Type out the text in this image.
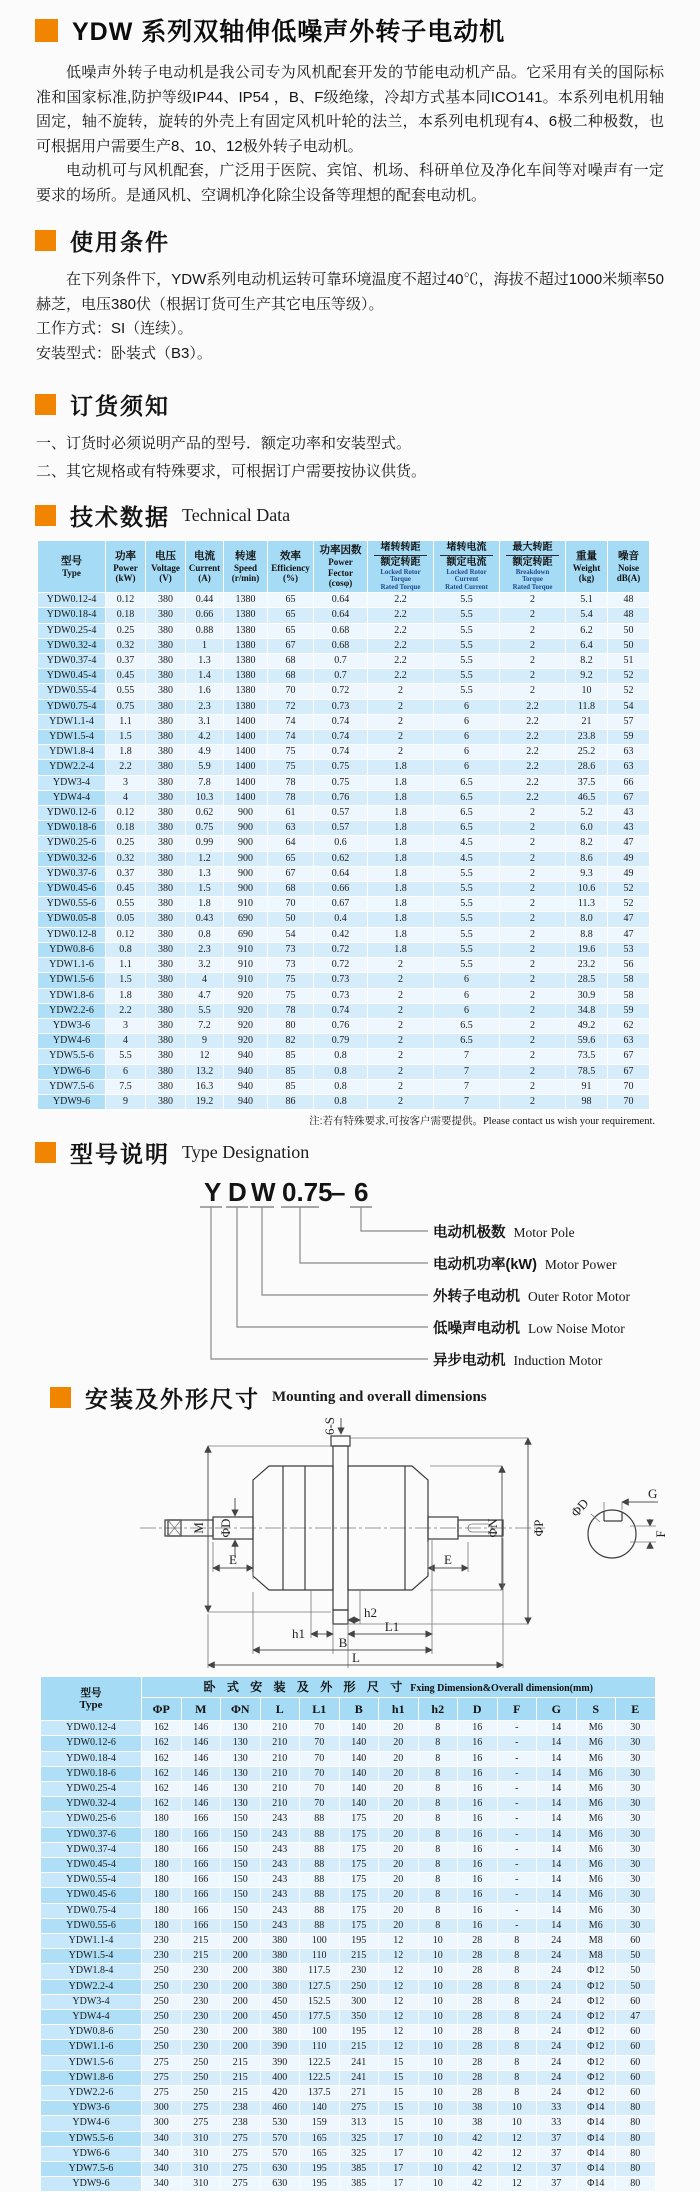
YDW 系列双轴伸低噪声外转子电动机

低噪声外转子电动机是我公司专为风机配套开发的节能电动机产品。它采用有关的国际标准和国家标准,防护等级IP44、IP54 ，B、F级绝缘，冷却方式基本同ICO141。本系列电机用轴固定，轴不旋转，旋转的外壳上有固定风机叶轮的法兰，本系列电机现有4、6极二种极数，也可根据用户需要生产8、10、12极外转子电动机。

电动机可与风机配套，广泛用于医院、宾馆、机场、科研单位及净化车间等对噪声有一定要求的场所。是通风机、空调机净化除尘设备等理想的配套电动机。

使用条件

在下列条件下，YDW系列电动机运转可靠环境温度不超过40℃，海拔不超过1000米频率50赫芝，电压380伏（根据订货可生产其它电压等级）。

工作方式：SI（连续）。
安装型式：卧装式（B3）。
订货须知
一、订货时必须说明产品的型号．额定功率和安装型式。
二、其它规格或有特殊要求，可根据订户需要按协议供货。
技术数据 Technical Data
型号
Type

功率
Power
(kW)

电压
Voltage
(V)

电流
Current
(A)

转速
Speed
(r/min)

效率
Efficiency
(%)

功率因数
Power Fector
(cosφ)

堵转转距
额定转距
Locked Rotor
Torque
Rated Torque

堵转电流
额定电流
Locked Rotor
Current
Rated Current

最大转距
额定转距
Breakdown
Torque
Rated Torque

重量
Weight
(kg)

噪音
Noise
dB(A)

YDW0.12-4	0.12	380	0.44	1380	65	0.64	2.2	5.5	2	5.1	48
YDW0.18-4	0.18	380	0.66	1380	65	0.64	2.2	5.5	2	5.4	48
YDW0.25-4	0.25	380	0.88	1380	65	0.68	2.2	5.5	2	6.2	50
YDW0.32-4	0.32	380	1	1380	67	0.68	2.2	5.5	2	6.4	50
YDW0.37-4	0.37	380	1.3	1380	68	0.7	2.2	5.5	2	8.2	51
YDW0.45-4	0.45	380	1.4	1380	68	0.7	2.2	5.5	2	9.2	52
YDW0.55-4	0.55	380	1.6	1380	70	0.72	2	5.5	2	10	52
YDW0.75-4	0.75	380	2.3	1380	72	0.73	2	6	2.2	11.8	54
YDW1.1-4	1.1	380	3.1	1400	74	0.74	2	6	2.2	21	57
YDW1.5-4	1.5	380	4.2	1400	74	0.74	2	6	2.2	23.8	59
YDW1.8-4	1.8	380	4.9	1400	75	0.74	2	6	2.2	25.2	63
YDW2.2-4	2.2	380	5.9	1400	75	0.75	1.8	6	2.2	28.6	63
YDW3-4	3	380	7.8	1400	78	0.75	1.8	6.5	2.2	37.5	66
YDW4-4	4	380	10.3	1400	78	0.76	1.8	6.5	2.2	46.5	67
YDW0.12-6	0.12	380	0.62	900	61	0.57	1.8	6.5	2	5.2	43
YDW0.18-6	0.18	380	0.75	900	63	0.57	1.8	6.5	2	6.0	43
YDW0.25-6	0.25	380	0.99	900	64	0.6	1.8	4.5	2	8.2	47
YDW0.32-6	0.32	380	1.2	900	65	0.62	1.8	4.5	2	8.6	49
YDW0.37-6	0.37	380	1.3	900	67	0.64	1.8	5.5	2	9.3	49
YDW0.45-6	0.45	380	1.5	900	68	0.66	1.8	5.5	2	10.6	52
YDW0.55-6	0.55	380	1.8	910	70	0.67	1.8	5.5	2	11.3	52
YDW0.05-8	0.05	380	0.43	690	50	0.4	1.8	5.5	2	8.0	47
YDW0.12-8	0.12	380	0.8	690	54	0.42	1.8	5.5	2	8.8	47
YDW0.8-6	0.8	380	2.3	910	73	0.72	1.8	5.5	2	19.6	53
YDW1.1-6	1.1	380	3.2	910	73	0.72	2	5.5	2	23.2	56
YDW1.5-6	1.5	380	4	910	75	0.73	2	6	2	28.5	58
YDW1.8-6	1.8	380	4.7	920	75	0.73	2	6	2	30.9	58
YDW2.2-6	2.2	380	5.5	920	78	0.74	2	6	2	34.8	59
YDW3-6	3	380	7.2	920	80	0.76	2	6.5	2	49.2	62
YDW4-6	4	380	9	920	82	0.79	2	6.5	2	59.6	63
YDW5.5-6	5.5	380	12	940	85	0.8	2	7	2	73.5	67
YDW6-6	6	380	13.2	940	85	0.8	2	7	2	78.5	67
YDW7.5-6	7.5	380	16.3	940	85	0.8	2	7	2	91	70
YDW9-6	9	380	19.2	940	86	0.8	2	7	2	98	70
注:若有特殊要求,可按客户需要提供。Please contact us wish your requirement.
型号说明 Type Designation
Y D W 0.75
– 6
电动机极数 Motor Pole
电动机功率(kW) Motor Power
外转子电动机 Outer Rotor Motor
低噪声电动机 Low Noise Motor
异步电动机 Induction Motor
安装及外形尺寸 Mounting and overall dimensions
M ΦD
E	E
6-S
ΦP
ΦN
h1
h2
L1
B
L
G
F
ΦD
型号
Type	卧 式 安 装 及 外 形 尺 寸 Fxing Dimension&Overall dimension(mm)												
	ΦP	M	ΦN	L	L1	B	h1	h2	D	F	G	S	E
YDW0.12-4	162	146	130	210	70	140	20	8	16	-	14	M6	30
YDW0.12-6	162	146	130	210	70	140	20	8	16	-	14	M6	30
YDW0.18-4	162	146	130	210	70	140	20	8	16	-	14	M6	30
YDW0.18-6	162	146	130	210	70	140	20	8	16	-	14	M6	30
YDW0.25-4	162	146	130	210	70	140	20	8	16	-	14	M6	30
YDW0.32-4	162	146	130	210	70	140	20	8	16	-	14	M6	30
YDW0.25-6	180	166	150	243	88	175	20	8	16	-	14	M6	30
YDW0.37-6	180	166	150	243	88	175	20	8	16	-	14	M6	30
YDW0.37-4	180	166	150	243	88	175	20	8	16	-	14	M6	30
YDW0.45-4	180	166	150	243	88	175	20	8	16	-	14	M6	30
YDW0.55-4	180	166	150	243	88	175	20	8	16	-	14	M6	30
YDW0.45-6	180	166	150	243	88	175	20	8	16	-	14	M6	30
YDW0.75-4	180	166	150	243	88	175	20	8	16	-	14	M6	30
YDW0.55-6	180	166	150	243	88	175	20	8	16	-	14	M6	30
YDW1.1-4	230	215	200	380	100	195	12	10	28	8	24	M8	60
YDW1.5-4	230	215	200	380	110	215	12	10	28	8	24	M8	50
YDW1.8-4	250	230	200	380	117.5	230	12	10	28	8	24	Φ12	50
YDW2.2-4	250	230	200	380	127.5	250	12	10	28	8	24	Φ12	50
YDW3-4	250	230	200	450	152.5	300	12	10	28	8	24	Φ12	60
YDW4-4	250	230	200	450	177.5	350	12	10	28	8	24	Φ12	47
YDW0.8-6	250	230	200	380	100	195	12	10	28	8	24	Φ12	60
YDW1.1-6	250	230	200	390	110	215	12	10	28	8	24	Φ12	60
YDW1.5-6	275	250	215	390	122.5	241	15	10	28	8	24	Φ12	60
YDW1.8-6	275	250	215	400	122.5	241	15	10	28	8	24	Φ12	60
YDW2.2-6	275	250	215	420	137.5	271	15	10	28	8	24	Φ12	60
YDW3-6	300	275	238	460	140	275	15	10	38	10	33	Φ14	80
YDW4-6	300	275	238	530	159	313	15	10	38	10	33	Φ14	80
YDW5.5-6	340	310	275	570	165	325	17	10	42	12	37	Φ14	80
YDW6-6	340	310	275	570	165	325	17	10	42	12	37	Φ14	80
YDW7.5-6	340	310	275	630	195	385	17	10	42	12	37	Φ14	80
YDW9-6	340	310	275	630	195	385	17	10	42	12	37	Φ14	80
